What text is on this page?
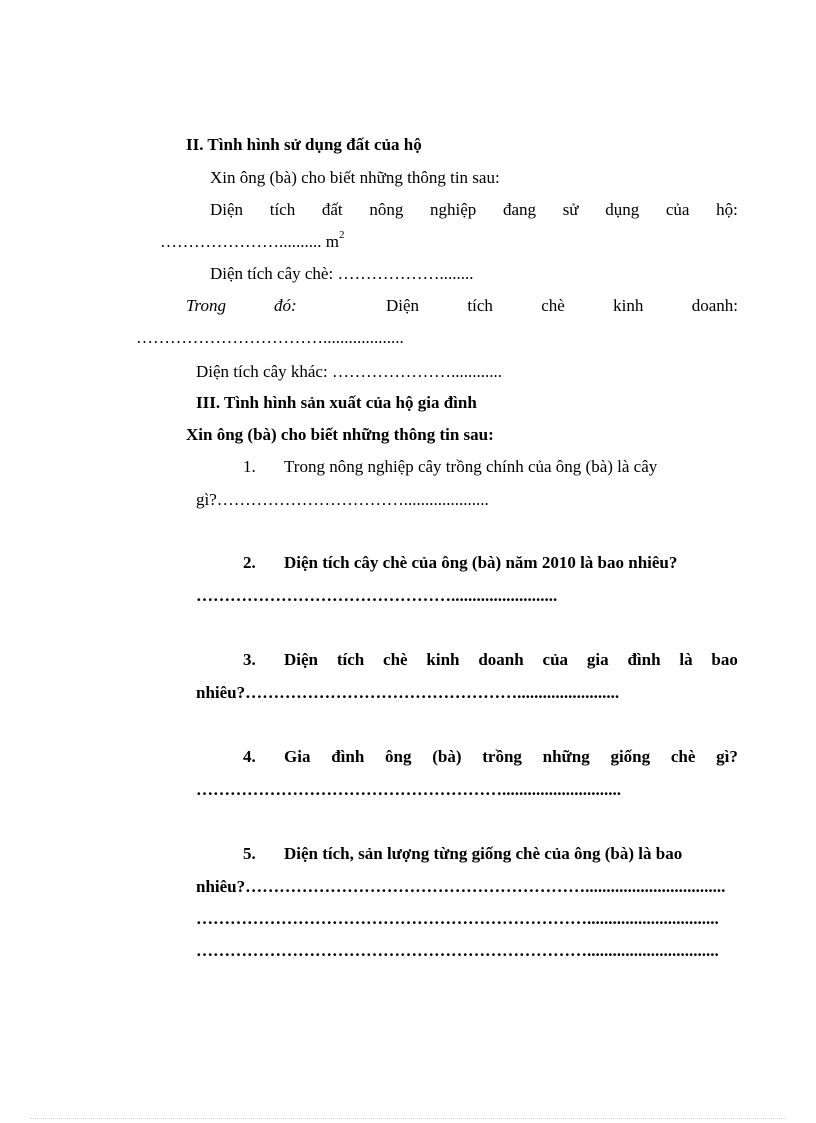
II. Tình hình sử dụng đất của hộ
Xin ông (bà) cho biết những thông tin sau:
Diện tích đất nông nghiệp đang sử dụng của hộ:
………………….......... $m^2$
Diện tích cây chè: ………………........
Trong	đó:	Diện	tích	chè	kinh	doanh:
……………………………...................
Diện tích cây khác: …………………............
III. Tình hình sản xuất của hộ gia đình
Xin ông (bà) cho biết những thông tin sau:
1. Trong nông nghiệp cây trồng chính của ông (bà) là cây
gì?……………………………....................
2. Diện tích cây chè của ông (bà) năm 2010 là bao nhiêu?
……………………………………….........................
3. Diện tích chè kinh doanh của gia đình là bao
nhiêu?…………………………………………........................
4. Gia đình ông (bà) trồng những giống chè gì?
………………………………………………............................
5. Diện tích, sản lượng từng giống chè của ông (bà) là bao
nhiêu?…………………………………………………….................................
……………………………………………………………...............................
……………………………………………………………...............................
